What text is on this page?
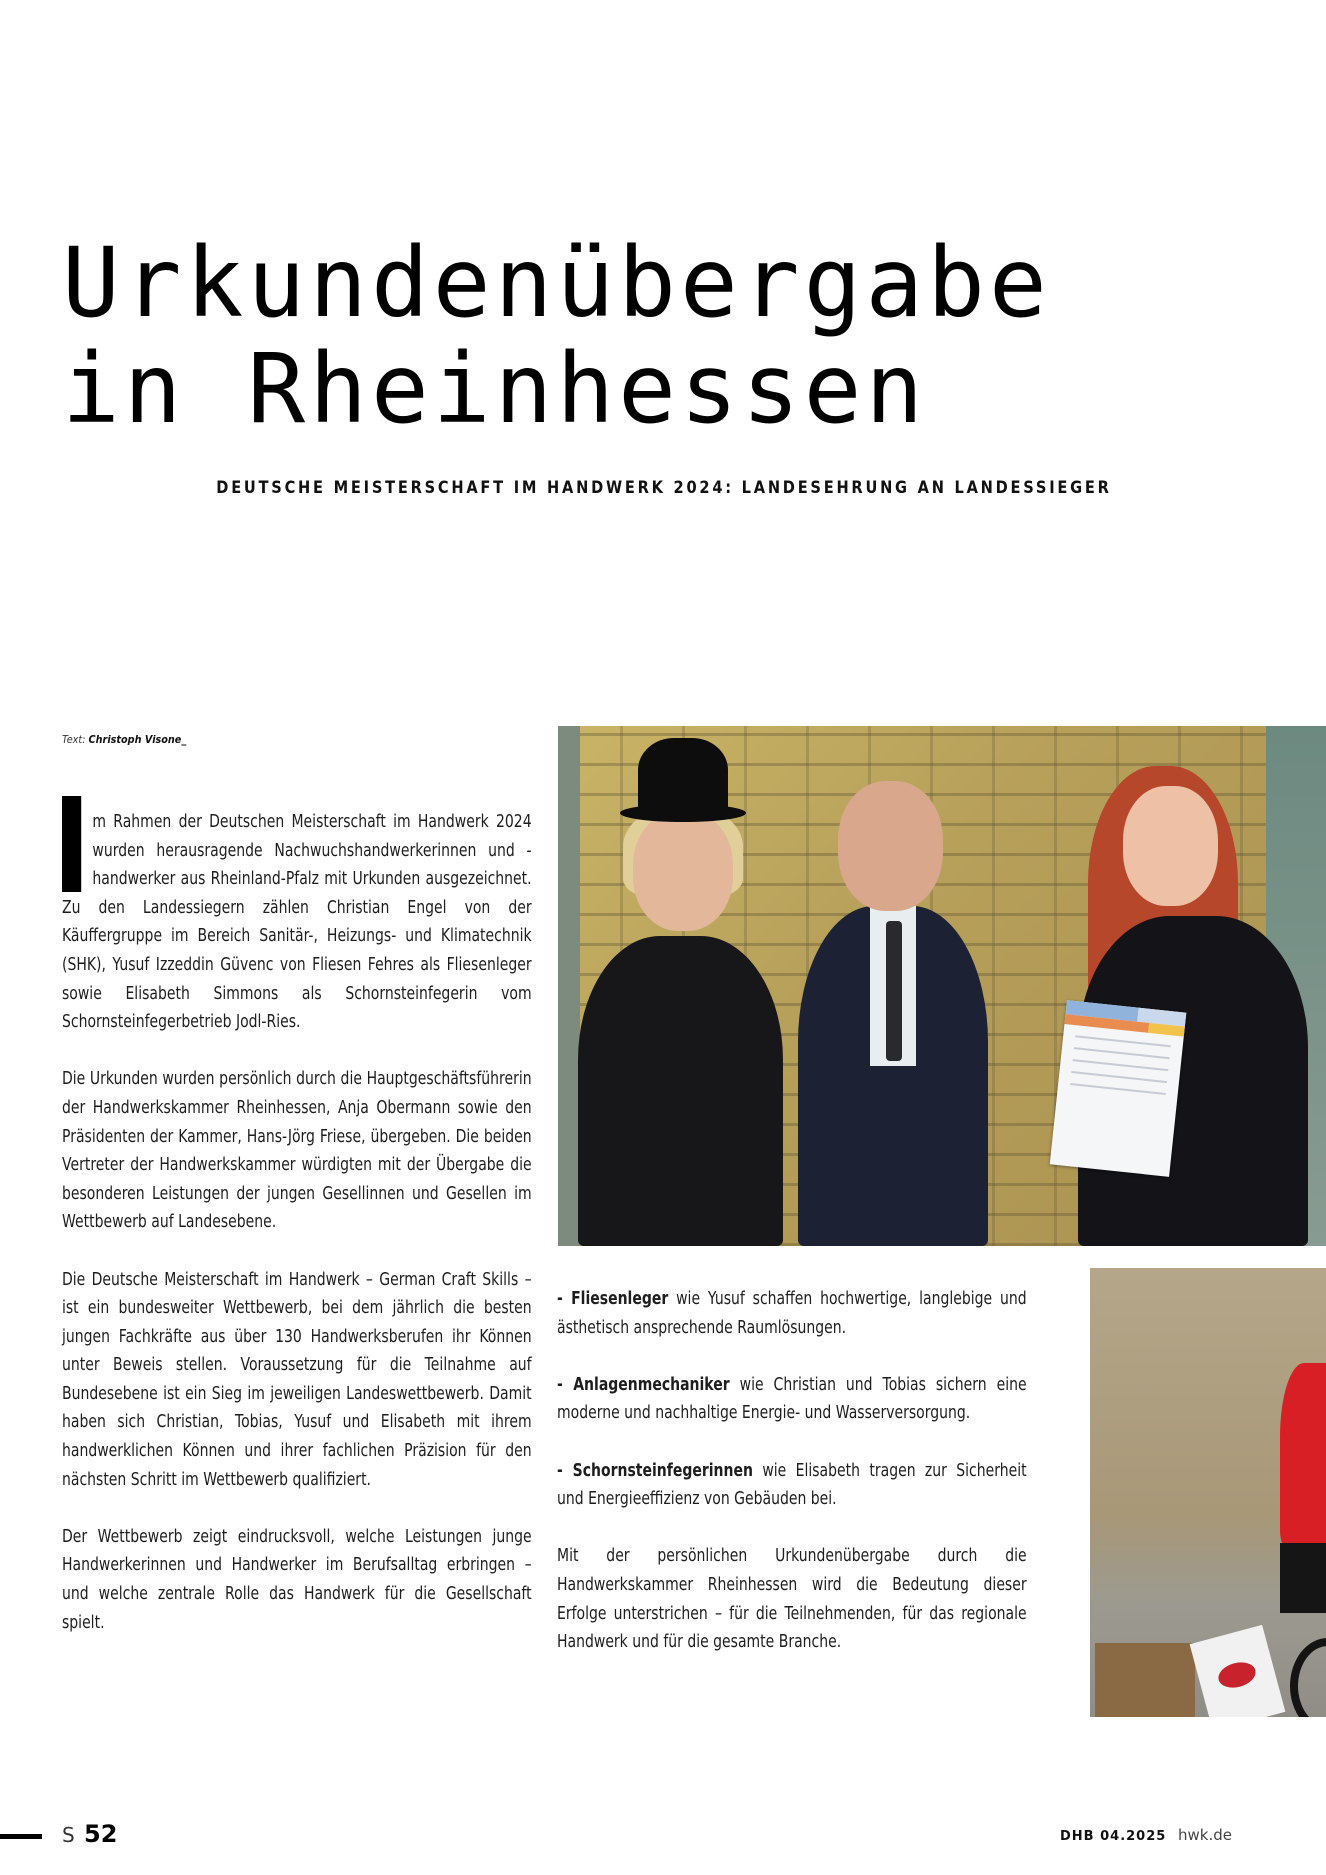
Urkundenübergabe
in Rheinhessen
DEUTSCHE MEISTERSCHAFT IM HANDWERK 2024: LANDESEHRUNG AN LANDESSIEGER
Text: Christoph Visone_

m Rahmen der Deutschen Meisterschaft im Handwerk 2024 wurden herausragende Nachwuchshandwerkerinnen und -handwerker aus Rheinland-Pfalz mit Urkunden ausgezeichnet. Zu den Landessiegern zählen Christian Engel von der Käuffergruppe im Bereich Sanitär-, Heizungs- und Klimatechnik (SHK), Yusuf Izzeddin Güvenc von Fliesen Fehres als Fliesenleger sowie Elisabeth Simmons als Schornsteinfegerin vom Schornsteinfegerbetrieb Jodl-Ries.

Die Urkunden wurden persönlich durch die Hauptgeschäftsführerin der Handwerkskammer Rheinhessen, Anja Obermann sowie den Präsidenten der Kammer, Hans-Jörg Friese, übergeben. Die beiden Vertreter der Handwerkskammer würdigten mit der Übergabe die besonderen Leistungen der jungen Gesellinnen und Gesellen im Wettbewerb auf Landesebene.

Die Deutsche Meisterschaft im Handwerk – German Craft Skills – ist ein bundesweiter Wettbewerb, bei dem jährlich die besten jungen Fachkräfte aus über 130 Handwerksberufen ihr Können unter Beweis stellen. Voraussetzung für die Teilnahme auf Bundesebene ist ein Sieg im jeweiligen Landeswettbewerb. Damit haben sich Christian, Tobias, Yusuf und Elisabeth mit ihrem handwerklichen Können und ihrer fachlichen Präzision für den nächsten Schritt im Wettbewerb qualifiziert.

Der Wettbewerb zeigt eindrucksvoll, welche Leistungen junge Handwerkerinnen und Handwerker im Berufsalltag erbringen – und welche zentrale Rolle das Handwerk für die Gesellschaft spielt.

- Fliesenleger wie Yusuf schaffen hochwertige, langlebige und ästhetisch ansprechende Raumlösungen.

- Anlagenmechaniker wie Christian und Tobias sichern eine moderne und nachhaltige Energie- und Wasserversorgung.

- Schornsteinfegerinnen wie Elisabeth tragen zur Sicherheit und Energieeffizienz von Gebäuden bei.

Mit der persönlichen Urkundenübergabe durch die Handwerkskammer Rheinhessen wird die Bedeutung dieser Erfolge unterstrichen – für die Teilnehmenden, für das regionale Handwerk und für die gesamte Branche.

S 52	DHB 04.2025 hwk.de
